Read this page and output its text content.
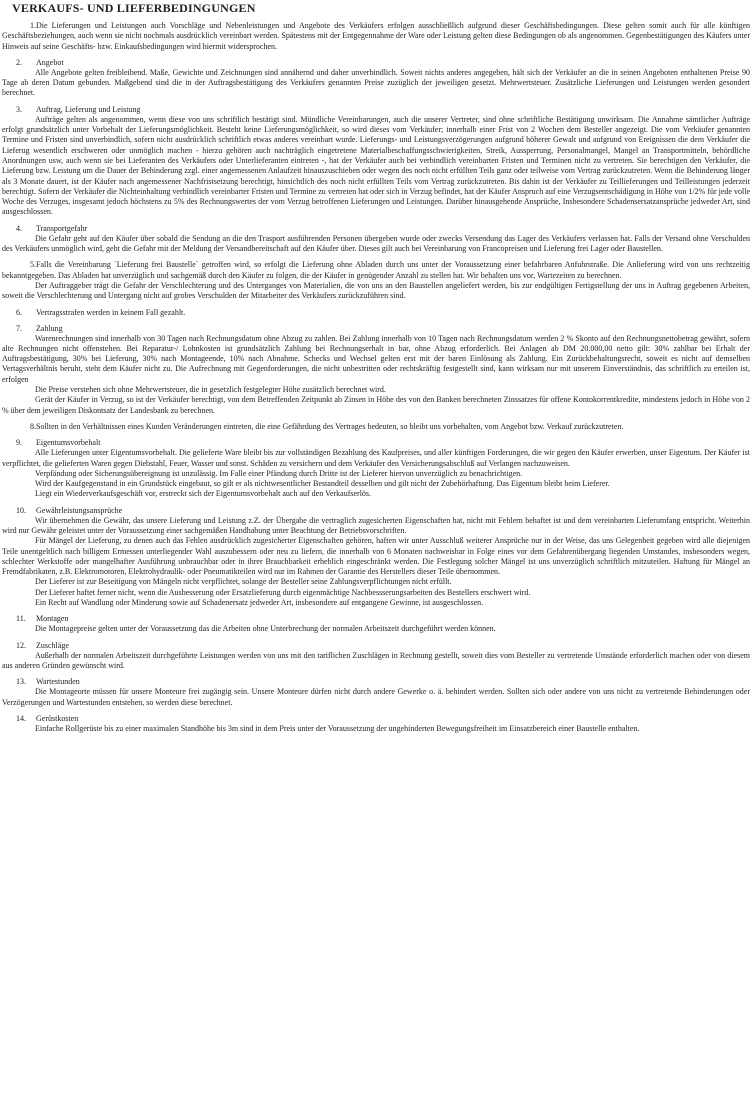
VERKAUFS- UND LIEFERBEDINGUNGEN

1.Die Lieferungen und Leistungen auch Vorschläge und Nebenleistungen und Angebote des Verkäufers erfolgen ausschließlich aufgrund dieser Geschäftsbedingungen. Diese gelten somit auch für alle künftigen Geschäftsbeziehungen, auch wenn sie nicht nochmals ausdrücklich vereinbart werden. Spätestens mit der Entgegennahme der Ware oder Leistung gelten diese Bedingungen ob als angenommen. Gegenbestätigungen des Käufers unter Hinweis auf seine Geschäfts- bzw. Einkaufsbedingungen wird hiermit widersprochen.

2. Angebot

Alle Angebote gelten freibleibend. Maße, Gewichte und Zeichnungen sind annähernd und daher unverbindlich. Soweit nichts anderes angegeben, hält sich der Verkäufer an die in seinen Angeboten enthaltenen Preise 90 Tage ab deren Datum gebunden. Maßgebend sind die in der Auftragsbestätigung des Verkäufers genannten Preise zuzüglich der jeweiligen gesetzt. Mehrwertsteuer. Zusätzliche Lieferungen und Leistungen werden gesondert berechnet.

3. Auftrag, Lieferung und Leistung

Aufträge gelten als angenommen, wenn diese von uns schriftlich bestätigt sind. Mündliche Vereinbarungen, auch die unserer Vertreter, sind ohne schriftliche Bestätigung unwirksam. Die Annahme sämtlicher Aufträge erfolgt grundsätzlich unter Vorbehalt der Lieferungsmöglichkeit. Besteht keine Lieferungsmöglichkeit, so wird dieses vom Verkäufer; innerhalb einer Frist von 2 Wochen dem Besteller angezeigt. Die vom Verkäufer genannten Termine und Fristen sind unverbindlich, sofern nicht ausdrücklich schriftlich etwas anderes vereinbart wurde. Lieferungs- und Leistungsverzögerungen aufgrund höherer Gewalt und aufgrund von Ereignissen die dem Verkäufer die Lieferug wesentlich erschweren oder unmöglich machen - hierzu gehören auch nachträglich eingetretene Materialbeschaffungsschwierigkeiten, Streik, Aussperrung, Personalmangel, Mangel an Transportmitteln, behördliche Anordnungen usw, auch wenn sie bei Lieferanten des Verkäufers oder Unterlieferanten eintreten -, hat der Verkäufer auch bei verbindlich vereinbarten Fristen und Terminen nicht zu vertreten. Sie berechtigen den Verkäufer, die Lieferung bzw. Leistung um die Dauer der Behinderung zzgl. einer angemessenen Anlaufzeit hinauszuschieben oder wegen des noch nicht erfüllten Teils ganz oder teilweise vom Vertrag zurückzutreten. Wenn die Behinderung länger als 3 Monate dauert, ist der Käufer nach angemessener Nachfristsetzung berechtigt, hinsichtlich des noch nicht erfüllten Teils vom Vertrag zurückzutreten. Bis dahin ist der Verkäufer zu Teillieferungen und Teilleistungen jederzeit berechtigt. Sofern der Verkäufer die Nichteinhaltung verbindlich vereinbarter Fristen und Termine zu vertreten hat oder sich in Verzug befindet, hat der Käufer Anspruch auf eine Verzugsentschädigung in Höhe von 1/2% für jede volle Woche des Verzuges, insgesamt jedoch höchstens zu 5% des Rechnungswertes der vom Verzug betroffenen Lieferungen und Leistungen. Darüber hinausgehende Ansprüche, Insbesondere Schadensersatzansprüche jedweder Art, sind ausgeschlossen.

4. Transportgefahr

Die Gefahr geht auf den Käufer über sobald die Sendung an die den Trasport ausführenden Personen übergeben wurde oder zwecks Versendung das Lager des Verkäufers verlassen hat. Falls der Versand ohne Verschulden des Verkäufers unmöglich wird, geht die Gefahr mit der Meldung der Versandbereitschaft auf den Käufer über. Dieses gilt auch bei Vereinbarung von Francopreisen und Lieferung frei Lager oder Baustellen.

5.Falls die Vereinbarung `Lieferung frei Baustelle` getroffen wird, so erfolgt die Lieferung ohne Abladen durch uns unter der Voraussetzung einer befahrbaren Anfuhrstraße. Die Anlieferung wird von uns rechtzeitig bekanntgegeben. Das Abladen hat unverzüglich und sachgemäß durch den Käufer zu folgen, die der Käufer in genügender Anzahl zu stellen hat. Wir behalten uns vor, Wartezeiten zu berechnen.

Der Auftraggeber trägt die Gefahr der Verschlechterung und des Unterganges von Materialien, die von uns an den Baustellen angeliefert werden, bis zur endgültigen Fertigstellung der uns in Auftrag gegebenen Arbeiten, soweit die Verschlechterung und Untergang nicht auf grobes Verschulden der Mitarbeiter des Verkäufers zurückzuführen sind.

6. Vertragsstrafen werden in keinem Fall gezahlt.
7. Zahlung

Warenrechnungen sind innerhalb von 30 Tagen nach Rechnungsdatum ohne Abzug zu zahlen. Bei Zahlung innerhalb von 10 Tagen nach Rechnungsdatum werden 2 % Skonto auf den Rechnungsnettobetrag gewährt, sofern alte Rechnungen nicht offenstehen. Bei Reparatur-/ Lohnkosten ist grundsätzlich Zahlung bei Rechnungserhalt in bar, ohne Abzug erforderlich. Bei Anlagen ab DM 20.000,00 netto gilt: 30% zahlbar bei Erhalt der Auftragsbestätigung, 30% bei Lieferung, 30% nach Montageende, 10% nach Abnahme. Schecks und Wechsel gelten erst mit der baren Einlösung als Zahlung. Ein Zurückbehaltungsrecht, soweit es nicht auf demselben Vertagsverhältnis beruht, steht dem Käufer nicht zu. Die Aufrechnung mit Gegenforderungen, die nicht unbestritten oder rechtskräftig festgestellt sind, kann wirksam nur mit unserem Einverständnis, das schriftlich zu erteilen ist, erfolgen

Die Preise verstehen sich ohne Mehrwertsteuer, die in gesetzlich festgelegter Höhe zusätzlich berechnet wird.

Gerät der Käufer in Verzug, so ist der Verkäufer berechtigt, von dem Betreffenden Zeitpunkt ab Zinsen in Höhe des von den Banken berechneten Zinssatzes für offene Kontokorrentkredite, mindestens jedoch in Höhe von 2 % über dem jeweiligen Diskontsatz der Landesbank zu berechnen.

8.Sollten in den Verhältnissen eines Kunden Veränderungen eintreten, die eine Gefährdung des Vertrages bedeuten, so bleibt uns vorbehalten, vom Angebot bzw. Verkauf zurückzutreten.

9. Eigentumsvorbehalt

Alle Lieferungen unter Eigentumsvorbehalt. Die gelieferte Ware bleibt bis zur vollständigen Bezahlung des Kaufpreises, und aller künftigen Forderungen, die wir gegen den Käufer erwerben, unser Eigentum. Der Käufer ist verpflichtet, die gelieferten Waren gegen Diebstahl, Feuer, Wasser und sonst. Schäden zu versichern und dem Verkäufer den Versicherungsabschluß auf Verlangen nachzuweisen.

Verpfändung oder Sicherungsübereignung ist unzulässig. Im Falle einer Pfändung durch Dritte ist der Lieferer hiervon unverzüglich zu benachrichtigen.

Wird der Kaufgegenstand in ein Grundstück eingebaut, so gilt er als nichtwesentlicher Bestandteil desselben und gilt nicht der Zubehörhaftung. Das Eigentum bleibt beim Lieferer.

Liegt ein Wiederverkaufsgeschäft vor, erstreckt sich der Eigentumsvorbehalt auch auf den Verkaufserlös.

10. Gewährleistungsansprüche

Wir übernehmen die Gewähr, das unsere Lieferung und Leistung z.Z. der Übergabe die vertraglich zugesicherten Eigenschaften hat, nicht mit Fehlern behaftet ist und dem vereinbarten Lieferumfang entspricht. Weiterhin wird nur Gewähr geleistet unter der Voraussetzung einer sachgemäßen Handhabung unter Beachtung der Betriebsvorschriften.

Für Mängel der Lieferung, zu denen auch das Fehlen ausdrücklich zugesicherter Eigenschaften gehören, haften wir unter Ausschluß weiterer Ansprüche nur in der Weise, das uns Gelegenheit gegeben wird alle diejenigen Teile unentgeltlich nach billigem Ermessen unterliegender Wahl auszubessern oder neu zu liefern, die innerhalb von 6 Monaten nachweisbar in Folge eines vor dem Gefahrenübergang liegenden Umstandes, insbesonders wegen, schlechter Werkstoffe oder mangelhafter Ausführung unbrauchbar oder in ihrer Brauchbarkeit erheblich eingeschränkt werden. Die Festlegung solcher Mängel ist uns unverzüglich schriftlich mitzuteilen. Haftung für Mängel an Fremdfabrikaten, z.B. Elektromotoren, Elektrohydraulik- oder Pneumatikteilen wird nur im Rahmen der Garantie des Herstellers dieser Teile übernommen.

Der Lieferer ist zur Beseitigung von Mängeln nicht verpflichtet, solange der Besteller seine Zahlungsverpflichtungen nicht erfüllt.

Der Lieferer haftet ferner nicht, wenn die Ausbesserung oder Ersatzlieferung durch eigenmächtige Nachbessserungsarbeiten des Bestellers erschwert wird.

Ein Recht auf Wandlung oder Minderung sowie auf Schadenersatz jedweder Art, insbesondere auf entgangene Gewinne, ist ausgeschlossen.

11. Montagen

Die Montagepreise gelten unter der Voraussetzung das die Arbeiten ohne Unterbrechung der normalen Arbeitszeit durchgeführt werden können.

12. Zuschläge

Außerhalb der normalen Arbeitszeit durchgeführte Leistungen werden von uns mit den tariflichen Zuschlägen in Rechnung gestellt, soweit dies vom Besteller zu vertretende Umstände erforderlich machen oder von diesem aus anderen Gründen gewünscht wird.

13. Wartestunden

Die Montageorte müssen für unsere Monteure frei zugängig sein. Unsere Monteure dürfen nicht durch andere Gewerke o. ä. behindert werden. Sollten sich oder andere von uns nicht zu vertretende Behinderungen oder Verzögerungen und Wartestunden entstehen, so werden diese berechnet.

14. Gerüstkosten

Einfache Rollgerüste bis zu einer maximalen Standhöhe bis 3m sind in dem Preis unter der Voraussetzung der ungehinderten Bewegungsfreiheit im Einsatzbereich einer Baustelle enthalten.
